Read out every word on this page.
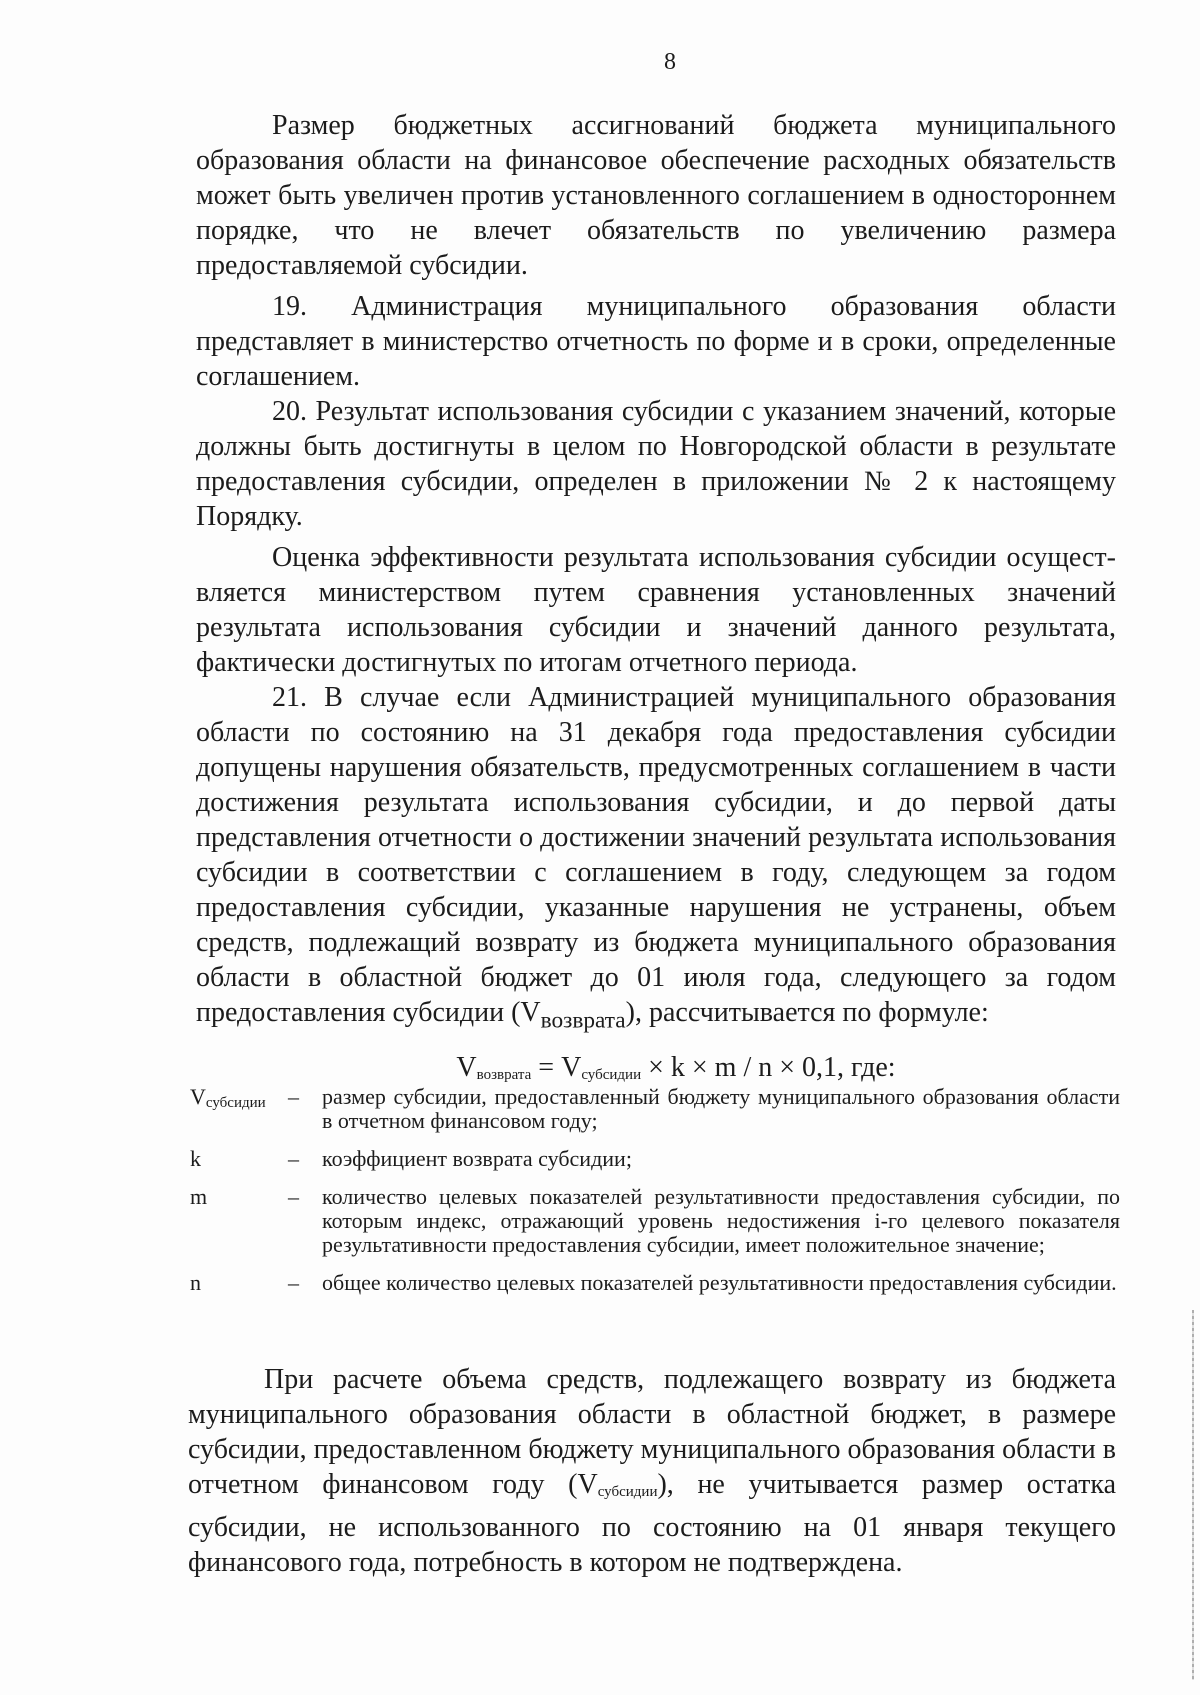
8

Размер бюджетных ассигнований бюджета муниципального образования области на финансовое обеспечение расходных обязательств может быть увеличен против установленного соглашением в одностороннем порядке, что не влечет обязательств по увеличению размера предоставляемой субсидии.

19. Администрация муниципального образования области представляет в министерство отчетность по форме и в сроки, определенные соглашением.

20. Результат использования субсидии с указанием значений, которые должны быть достигнуты в целом по Новгородской области в результате предоставления субсидии, определен в приложении № 2 к настоящему Порядку.

Оценка эффективности результата использования субсидии осуществляется министерством путем сравнения установленных значений результата использования субсидии и значений данного результата, фактически достигнутых по итогам отчетного периода.

21. В случае если Администрацией муниципального образования области по состоянию на 31 декабря года предоставления субсидии допущены нарушения обязательств, предусмотренных соглашением в части достижения результата использования субсидии, и до первой даты представления отчетности о достижении значений результата использования субсидии в соответствии с соглашением в году, следующем за годом предоставления субсидии, указанные нарушения не устранены, объем средств, подлежащий возврату из бюджета муниципального образования области в областной бюджет до 01 июля года, следующего за годом предоставления субсидии $(V_{возврата})$, рассчитывается по формуле:

$V_{возврата} = V_{субсидии} \times k \times m / n \times 0,1$, где:
$V_{субсидии}$	–	размер субсидии, предоставленный бюджету муниципального образования области в отчетном финансовом году;
k	–	коэффициент возврата субсидии;
m	–	количество целевых показателей результативности предоставления субсидии, по которым индекс, отражающий уровень недостижения i-го целевого показателя результативности предоставления субсидии, имеет положительное значение;
n	–	общее количество целевых показателей результативности предоставления субсидии.

При расчете объема средств, подлежащего возврату из бюджета муниципального образования области в областной бюджет, в размере субсидии, предоставленном бюджету муниципального образования области в отчетном финансовом году $(V_{субсидии})$, не учитывается размер остатка субсидии, не использованного по состоянию на 01 января текущего финансового года, потребность в котором не подтверждена.
